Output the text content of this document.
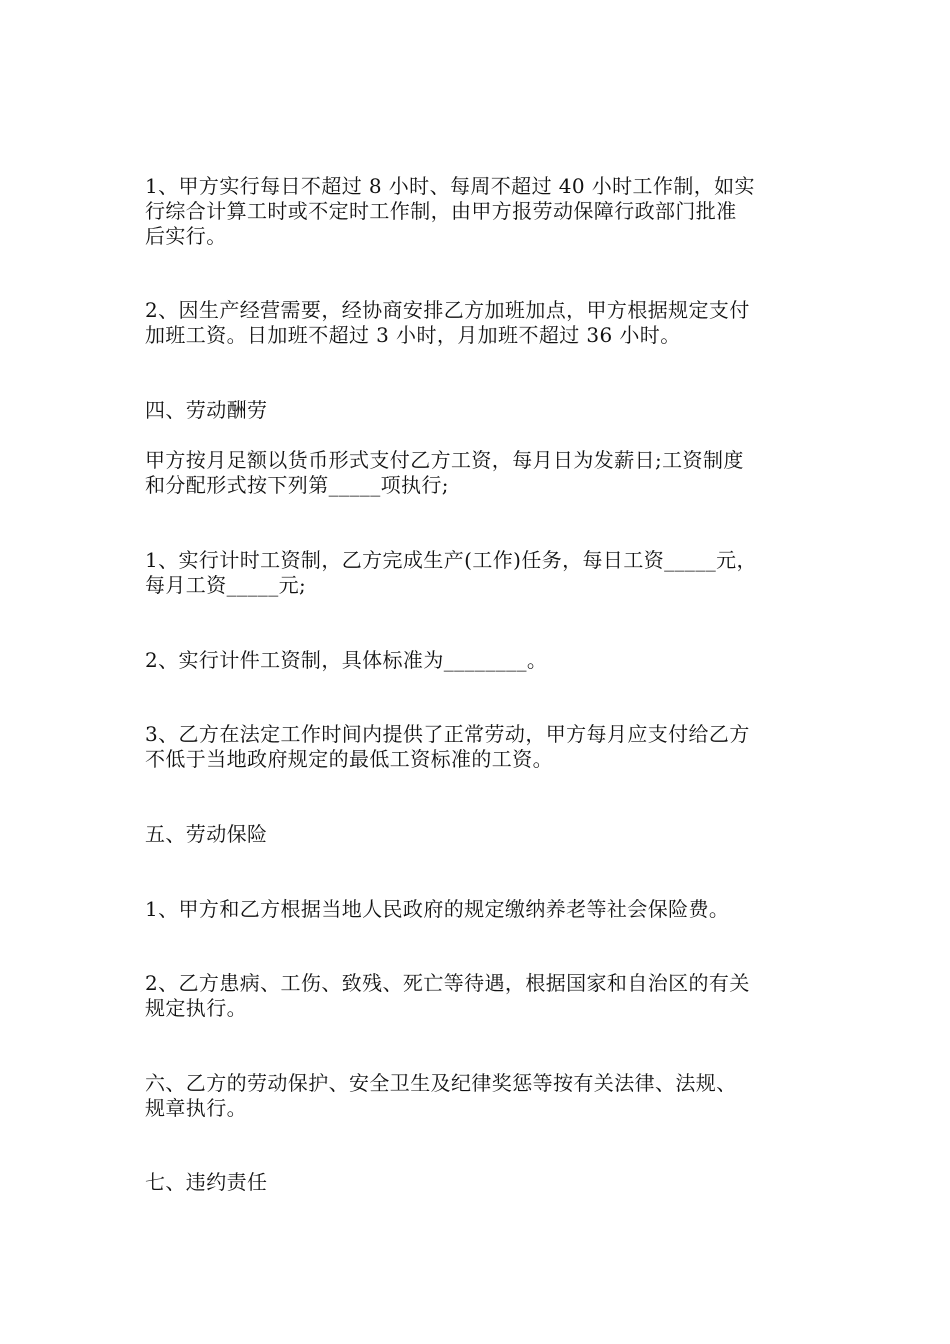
1、甲方实行每日不超过 8 小时、每周不超过 40 小时工作制，如实
行综合计算工时或不定时工作制，由甲方报劳动保障行政部门批准
后实行。
2、因生产经营需要，经协商安排乙方加班加点，甲方根据规定支付
加班工资。日加班不超过 3 小时，月加班不超过 36 小时。
四、劳动酬劳
甲方按月足额以货币形式支付乙方工资，每月日为发薪日;工资制度
和分配形式按下列第_____项执行;
1、实行计时工资制，乙方完成生产(工作)任务，每日工资_____元，
每月工资_____元;
2、实行计件工资制，具体标准为________。
3、乙方在法定工作时间内提供了正常劳动，甲方每月应支付给乙方
不低于当地政府规定的最低工资标准的工资。
五、劳动保险
1、甲方和乙方根据当地人民政府的规定缴纳养老等社会保险费。
2、乙方患病、工伤、致残、死亡等待遇，根据国家和自治区的有关
规定执行。
六、乙方的劳动保护、安全卫生及纪律奖惩等按有关法律、法规、
规章执行。
七、违约责任
